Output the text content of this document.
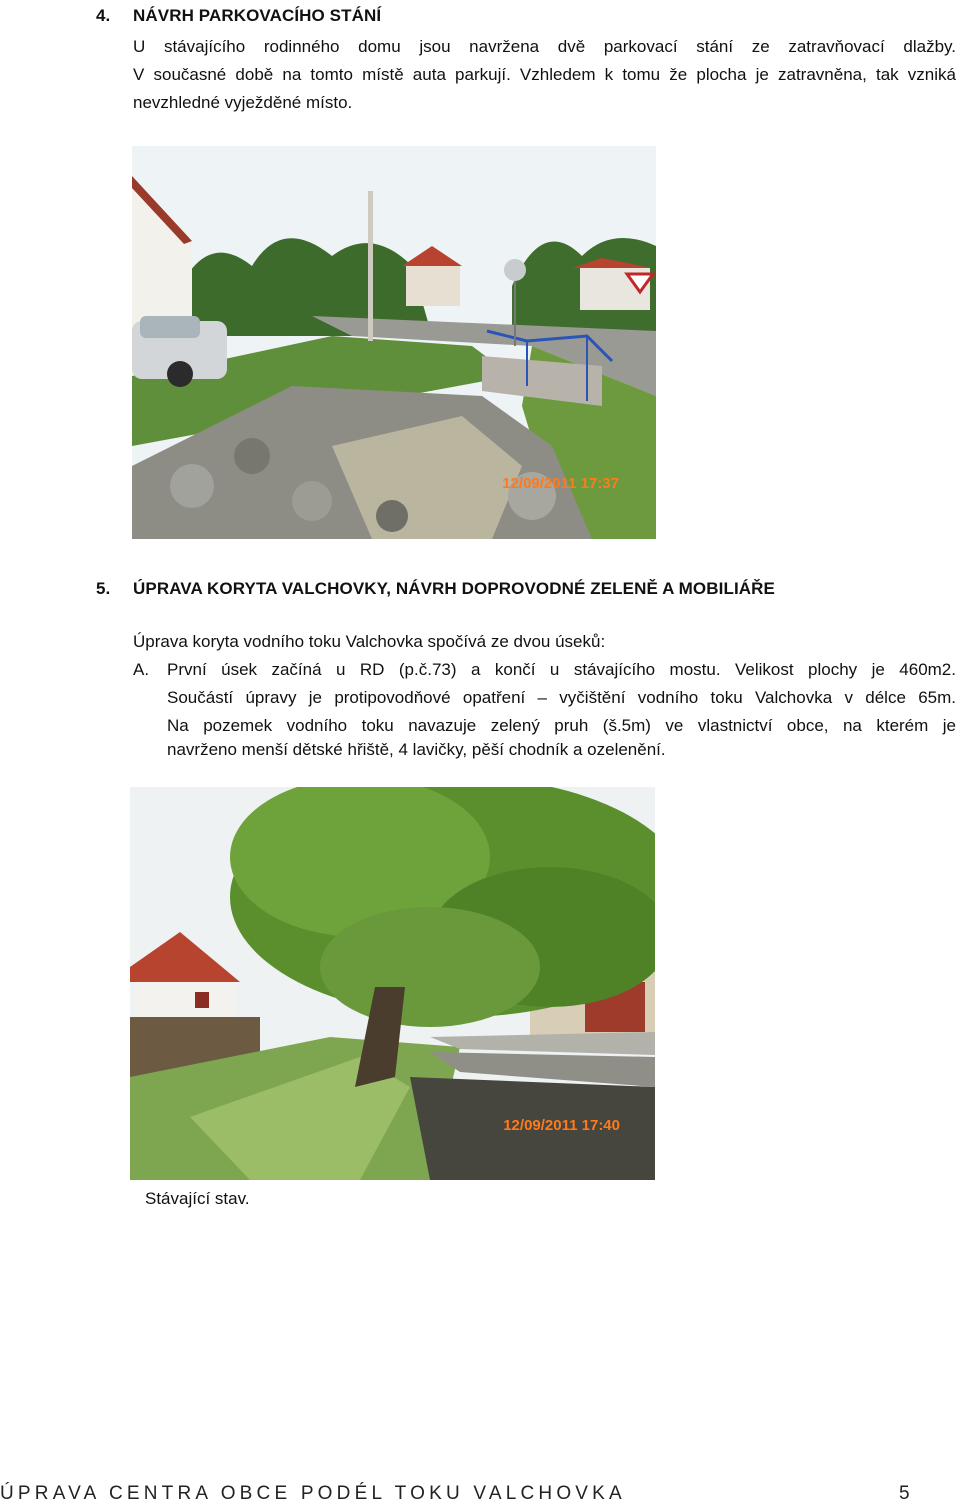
4. NÁVRH PARKOVACÍHO STÁNÍ
U stávajícího rodinného domu jsou navržena dvě parkovací stání ze zatravňovací dlažby.
V současné době na tomto místě auta parkují. Vzhledem k tomu že plocha je zatravněna, tak vzniká
nevzhledné vyježděné místo.
12/09/2011 17:37
5. ÚPRAVA KORYTA VALCHOVKY, NÁVRH DOPROVODNÉ ZELENĚ A MOBILIÁŘE
Úprava koryta vodního toku Valchovka spočívá ze dvou úseků:
A. První úsek začíná u RD (p.č.73) a končí u stávajícího mostu. Velikost plochy je 460m2.
Součástí úpravy je protipovodňové opatření – vyčištění vodního toku Valchovka v délce 65m.
Na pozemek vodního toku navazuje zelený pruh (š.5m) ve vlastnictví obce, na kterém je
navrženo menší dětské hřiště, 4 lavičky, pěší chodník a ozelenění.
12/09/2011 17:40
Stávající stav.
ÚPRAVA CENTRA OBCE PODÉL TOKU VALCHOVKA	5
